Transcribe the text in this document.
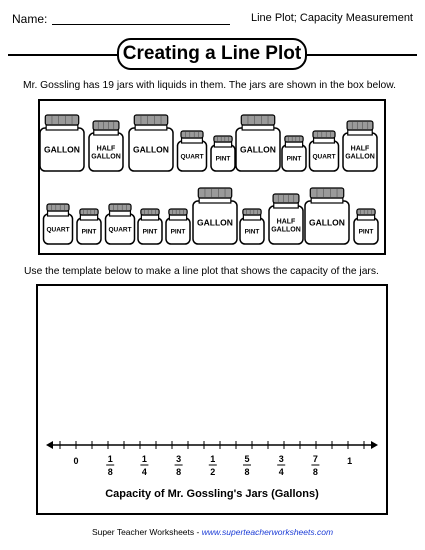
Name:	Line Plot; Capacity Measurement
Creating a Line Plot
Mr. Gossling has 19 jars with liquids in them. The jars are shown in the box below.
GALLON HALF
GALLON
GALLON
QUART PINT
GALLON
PINT QUART
HALF
GALLON
QUART PINT QUART PINT PINT
GALLON
PINT
HALF
GALLON
GALLON
PINT
Use the template below to make a line plot that shows the capacity of the jars.
0	1
8
1
4
3
8
1
2
5
8
3
4
7
8
1
Capacity of Mr. Gossling's Jars (Gallons)
Super Teacher Worksheets - www.superteacherworksheets.com
